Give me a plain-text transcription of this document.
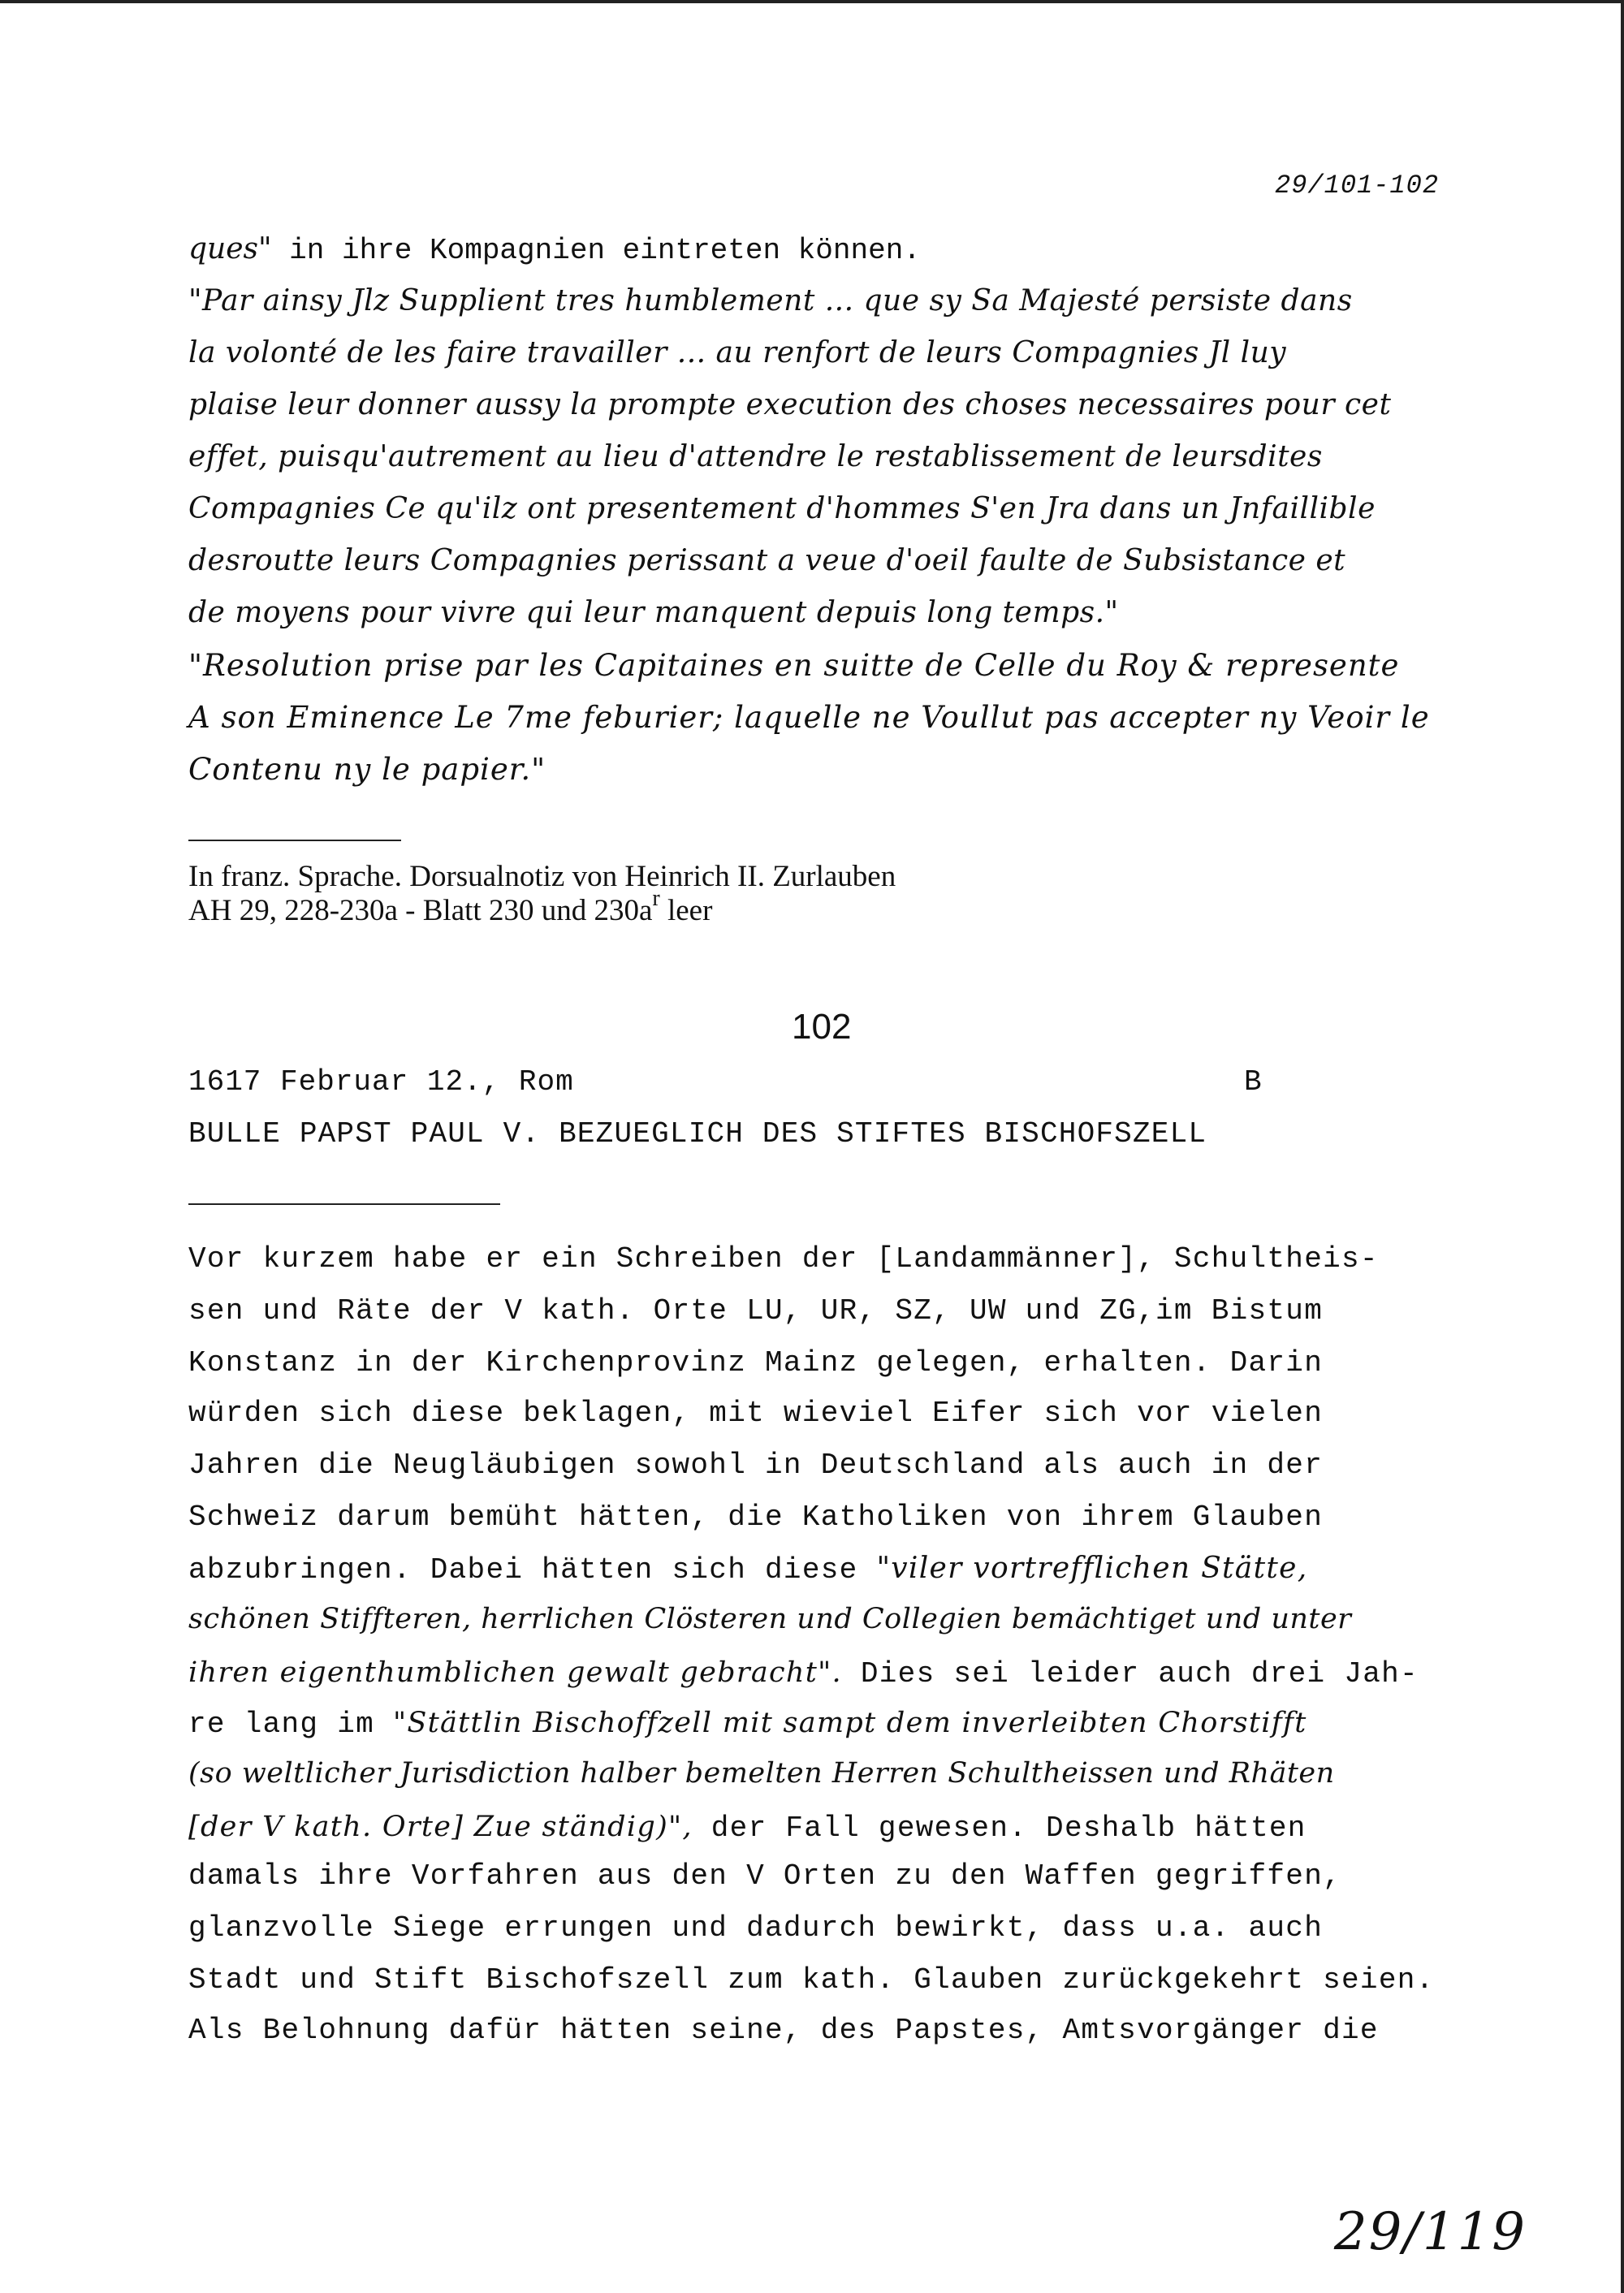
29/101-102
ques" in ihre Kompagnien eintreten können.
"Par ainsy Jlz Supplient tres humblement ... que sy Sa Majesté persiste dans
la volonté de les faire travailler ... au renfort de leurs Compagnies Jl luy
plaise leur donner aussy la prompte execution des choses necessaires pour cet
effet, puisqu'autrement au lieu d'attendre le restablissement de leursdites
Compagnies Ce qu'ilz ont presentement d'hommes S'en Jra dans un Jnfaillible
desroutte leurs Compagnies perissant a veue d'oeil faulte de Subsistance et
de moyens pour vivre qui leur manquent depuis long temps."
"Resolution prise par les Capitaines en suitte de Celle du Roy & represente
A son Eminence Le 7me feburier; laquelle ne Voullut pas accepter ny Veoir le
Contenu ny le papier."
In franz. Sprache. Dorsualnotiz von Heinrich II. Zurlauben
AH 29, 228-230a - Blatt 230 und $230a^r$ leer
102
1617 Februar 12., Rom	B
BULLE PAPST PAUL V. BEZUEGLICH DES STIFTES BISCHOFSZELL
Vor kurzem habe er ein Schreiben der [Landammänner], Schultheis-
sen und Räte der V kath. Orte LU, UR, SZ, UW und ZG,im Bistum
Konstanz in der Kirchenprovinz Mainz gelegen, erhalten. Darin
würden sich diese beklagen, mit wieviel Eifer sich vor vielen
Jahren die Neugläubigen sowohl in Deutschland als auch in der
Schweiz darum bemüht hätten, die Katholiken von ihrem Glauben
abzubringen. Dabei hätten sich diese "viler vortrefflichen Stätte,
schönen Stiffteren, herrlichen Clösteren und Collegien bemächtiget und unter
ihren eigenthumblichen gewalt gebracht". Dies sei leider auch drei Jah-
re lang im "Stättlin Bischoffzell mit sampt dem inverleibten Chorstifft
(so weltlicher Jurisdiction halber bemelten Herren Schultheissen und Rhäten
[der V kath. Orte] Zue ständig)", der Fall gewesen. Deshalb hätten
damals ihre Vorfahren aus den V Orten zu den Waffen gegriffen,
glanzvolle Siege errungen und dadurch bewirkt, dass u.a. auch
Stadt und Stift Bischofszell zum kath. Glauben zurückgekehrt seien.
Als Belohnung dafür hätten seine, des Papstes, Amtsvorgänger die
29/119
